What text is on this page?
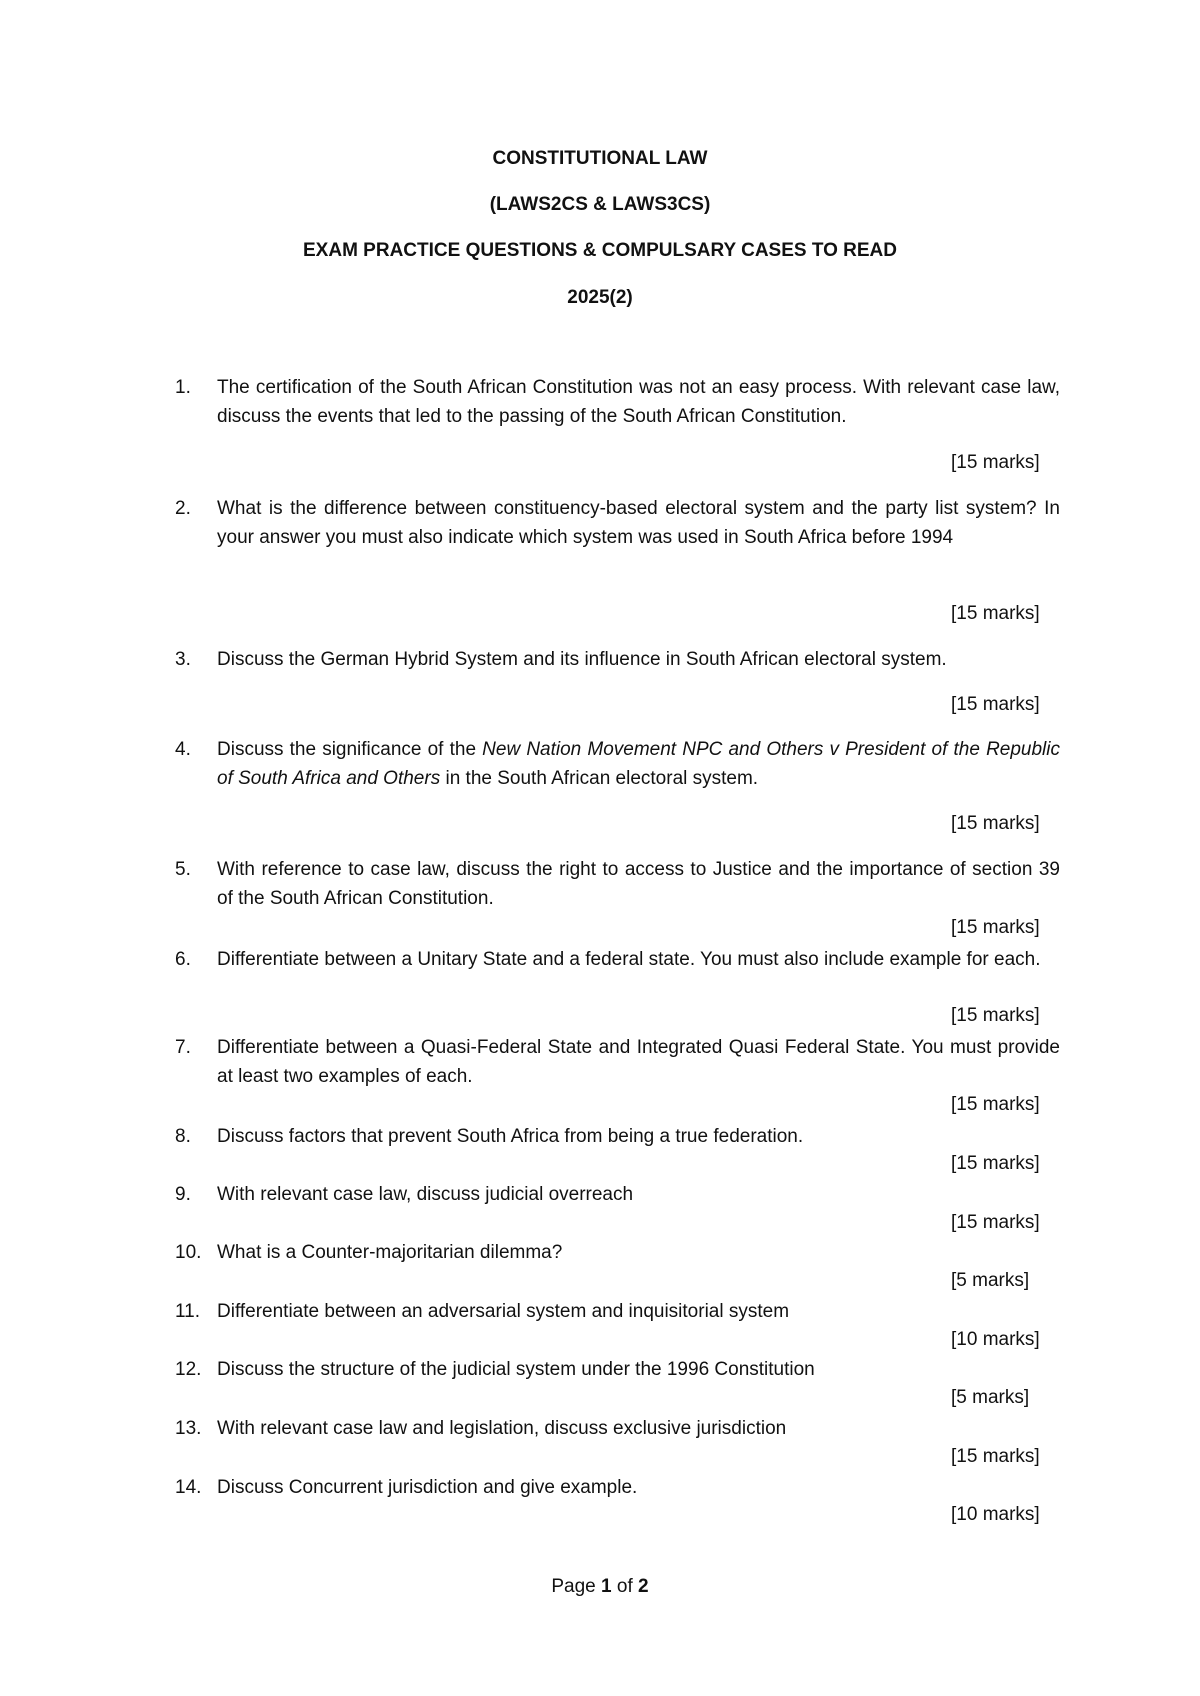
CONSTITUTIONAL LAW
(LAWS2CS & LAWS3CS)
EXAM PRACTICE QUESTIONS & COMPULSARY CASES TO READ
2025(2)
1.	The certification of the South African Constitution was not an easy process. With relevant case law, discuss the events that led to the passing of the South African Constitution.
[15 marks]
2.	What is the difference between constituency-based electoral system and the party list system? In your answer you must also indicate which system was used in South Africa before 1994
[15 marks]
3.	Discuss the German Hybrid System and its influence in South African electoral system.
[15 marks]
4.	Discuss the significance of the New Nation Movement NPC and Others v President of the Republic of South Africa and Others in the South African electoral system.
[15 marks]
5.	With reference to case law, discuss the right to access to Justice and the importance of section 39 of the South African Constitution.
[15 marks]
6.	Differentiate between a Unitary State and a federal state. You must also include example for each.
[15 marks]
7.	Differentiate between a Quasi-Federal State and Integrated Quasi Federal State. You must provide at least two examples of each.
[15 marks]
8.	Discuss factors that prevent South Africa from being a true federation.
[15 marks]
9.	With relevant case law, discuss judicial overreach
[15 marks]
10. What is a Counter-majoritarian dilemma?
[5 marks]
11. Differentiate between an adversarial system and inquisitorial system
[10 marks]
12. Discuss the structure of the judicial system under the 1996 Constitution
[5 marks]
13. With relevant case law and legislation, discuss exclusive jurisdiction
[15 marks]
14. Discuss Concurrent jurisdiction and give example.
[10 marks]
Page 1 of 2
